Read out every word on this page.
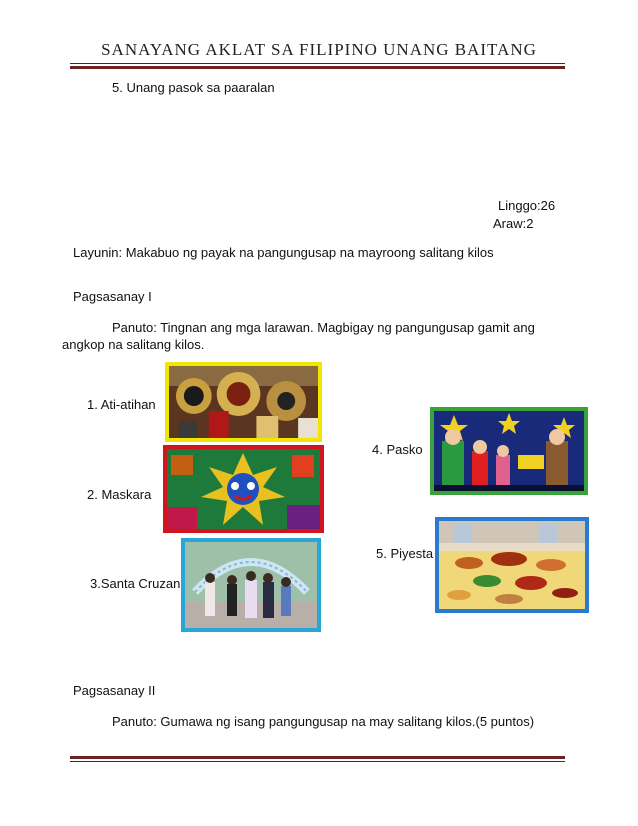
SANAYANG AKLAT SA FILIPINO UNANG BAITANG
5. Unang pasok sa paaralan
Linggo:26
Araw:2
Layunin: Makabuo ng payak na pangungusap na mayroong salitang kilos
Pagsasanay I
Panuto: Tingnan ang mga larawan. Magbigay ng pangungusap gamit ang
angkop na salitang kilos.
1. Ati-atihan
2. Maskara
3.Santa Cruzan
4. Pasko
5. Piyesta
Pagsasanay II
Panuto: Gumawa ng isang pangungusap na may salitang kilos.(5 puntos)
